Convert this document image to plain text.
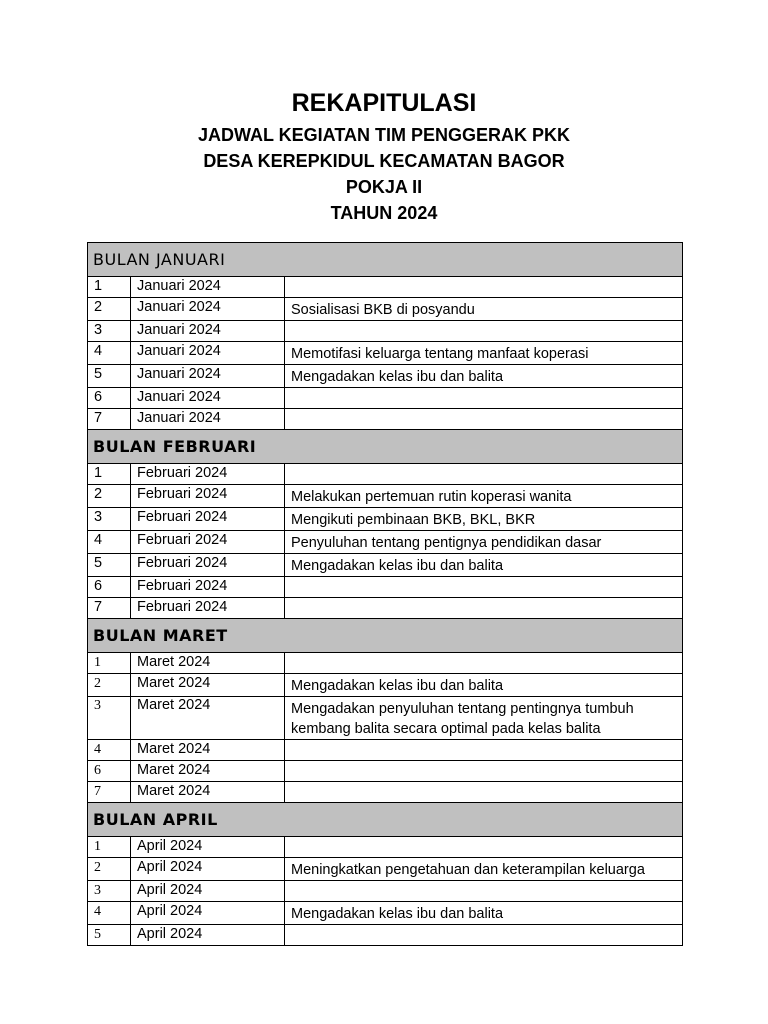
REKAPITULASI
JADWAL KEGIATAN TIM PENGGERAK PKK
DESA KEREPKIDUL KECAMATAN BAGOR
POKJA II
TAHUN 2024
BULAN JANUARI		
1	Januari 2024	
2	Januari 2024	Sosialisasi BKB di posyandu
3	Januari 2024	
4	Januari 2024	Memotifasi keluarga tentang manfaat koperasi
5	Januari 2024	Mengadakan kelas ibu dan balita
6	Januari 2024	
7	Januari 2024	
BULAN FEBRUARI		
1	Februari 2024	
2	Februari 2024	Melakukan pertemuan rutin koperasi wanita
3	Februari 2024	Mengikuti pembinaan BKB, BKL, BKR
4	Februari 2024	Penyuluhan tentang pentignya pendidikan dasar
5	Februari 2024	Mengadakan kelas ibu dan balita
6	Februari 2024	
7	Februari 2024	
BULAN MARET		
1	Maret 2024	
2	Maret 2024	Mengadakan kelas ibu dan balita
3	Maret 2024	Mengadakan penyuluhan tentang pentingnya tumbuh kembang balita secara optimal pada kelas balita
4	Maret 2024	
6	Maret 2024	
7	Maret 2024	
BULAN APRIL		
1	April 2024	
2	April 2024	Meningkatkan pengetahuan dan keterampilan keluarga
3	April 2024	
4	April 2024	Mengadakan kelas ibu dan balita
5	April 2024	
